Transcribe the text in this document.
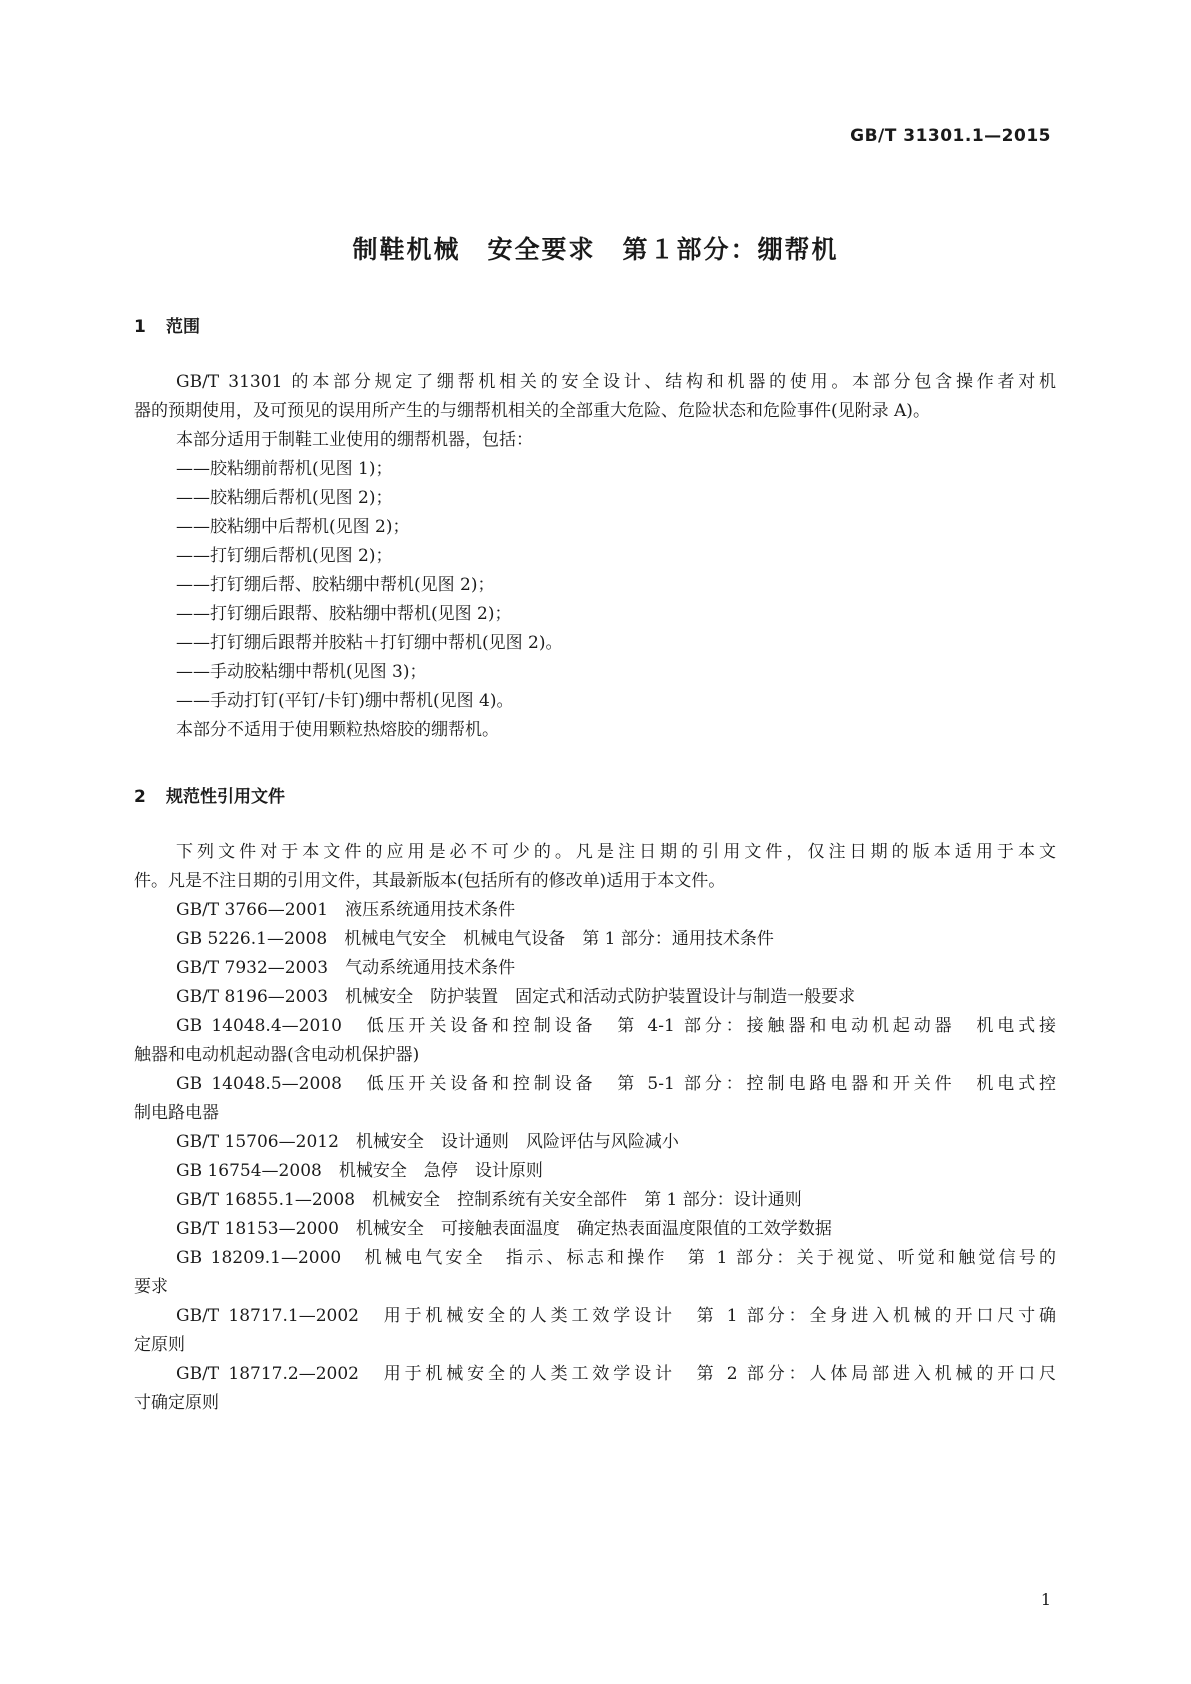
GB/T 31301.1—2015
制鞋机械　安全要求　第１部分：绷帮机
1 范围
GB/T 31301 的本部分规定了绷帮机相关的安全设计、结构和机器的使用。本部分包含操作者对机
器的预期使用，及可预见的误用所产生的与绷帮机相关的全部重大危险、危险状态和危险事件(见附录 A)。
本部分适用于制鞋工业使用的绷帮机器，包括：
——胶粘绷前帮机(见图 1)；
——胶粘绷后帮机(见图 2)；
——胶粘绷中后帮机(见图 2)；
——打钉绷后帮机(见图 2)；
——打钉绷后帮、胶粘绷中帮机(见图 2)；
——打钉绷后跟帮、胶粘绷中帮机(见图 2)；
——打钉绷后跟帮并胶粘＋打钉绷中帮机(见图 2)。
——手动胶粘绷中帮机(见图 3)；
——手动打钉(平钉/卡钉)绷中帮机(见图 4)。
本部分不适用于使用颗粒热熔胶的绷帮机。
2 规范性引用文件
下列文件对于本文件的应用是必不可少的。凡是注日期的引用文件，仅注日期的版本适用于本文
件。凡是不注日期的引用文件，其最新版本(包括所有的修改单)适用于本文件。
GB/T 3766—2001　液压系统通用技术条件
GB 5226.1—2008　机械电气安全　机械电气设备　第 1 部分：通用技术条件
GB/T 7932—2003　气动系统通用技术条件
GB/T 8196—2003　机械安全　防护装置　固定式和活动式防护装置设计与制造一般要求
GB 14048.4—2010　低压开关设备和控制设备　第 4-1 部分：接触器和电动机起动器　机电式接
触器和电动机起动器(含电动机保护器)
GB 14048.5—2008　低压开关设备和控制设备　第 5-1 部分：控制电路电器和开关件　机电式控
制电路电器
GB/T 15706—2012　机械安全　设计通则　风险评估与风险减小
GB 16754—2008　机械安全　急停　设计原则
GB/T 16855.1—2008　机械安全　控制系统有关安全部件　第 1 部分：设计通则
GB/T 18153—2000　机械安全　可接触表面温度　确定热表面温度限值的工效学数据
GB 18209.1—2000　机械电气安全　指示、标志和操作　第 1 部分：关于视觉、听觉和触觉信号的
要求
GB/T 18717.1—2002　用于机械安全的人类工效学设计　第 1 部分：全身进入机械的开口尺寸确
定原则
GB/T 18717.2—2002　用于机械安全的人类工效学设计　第 2 部分：人体局部进入机械的开口尺
寸确定原则
1
